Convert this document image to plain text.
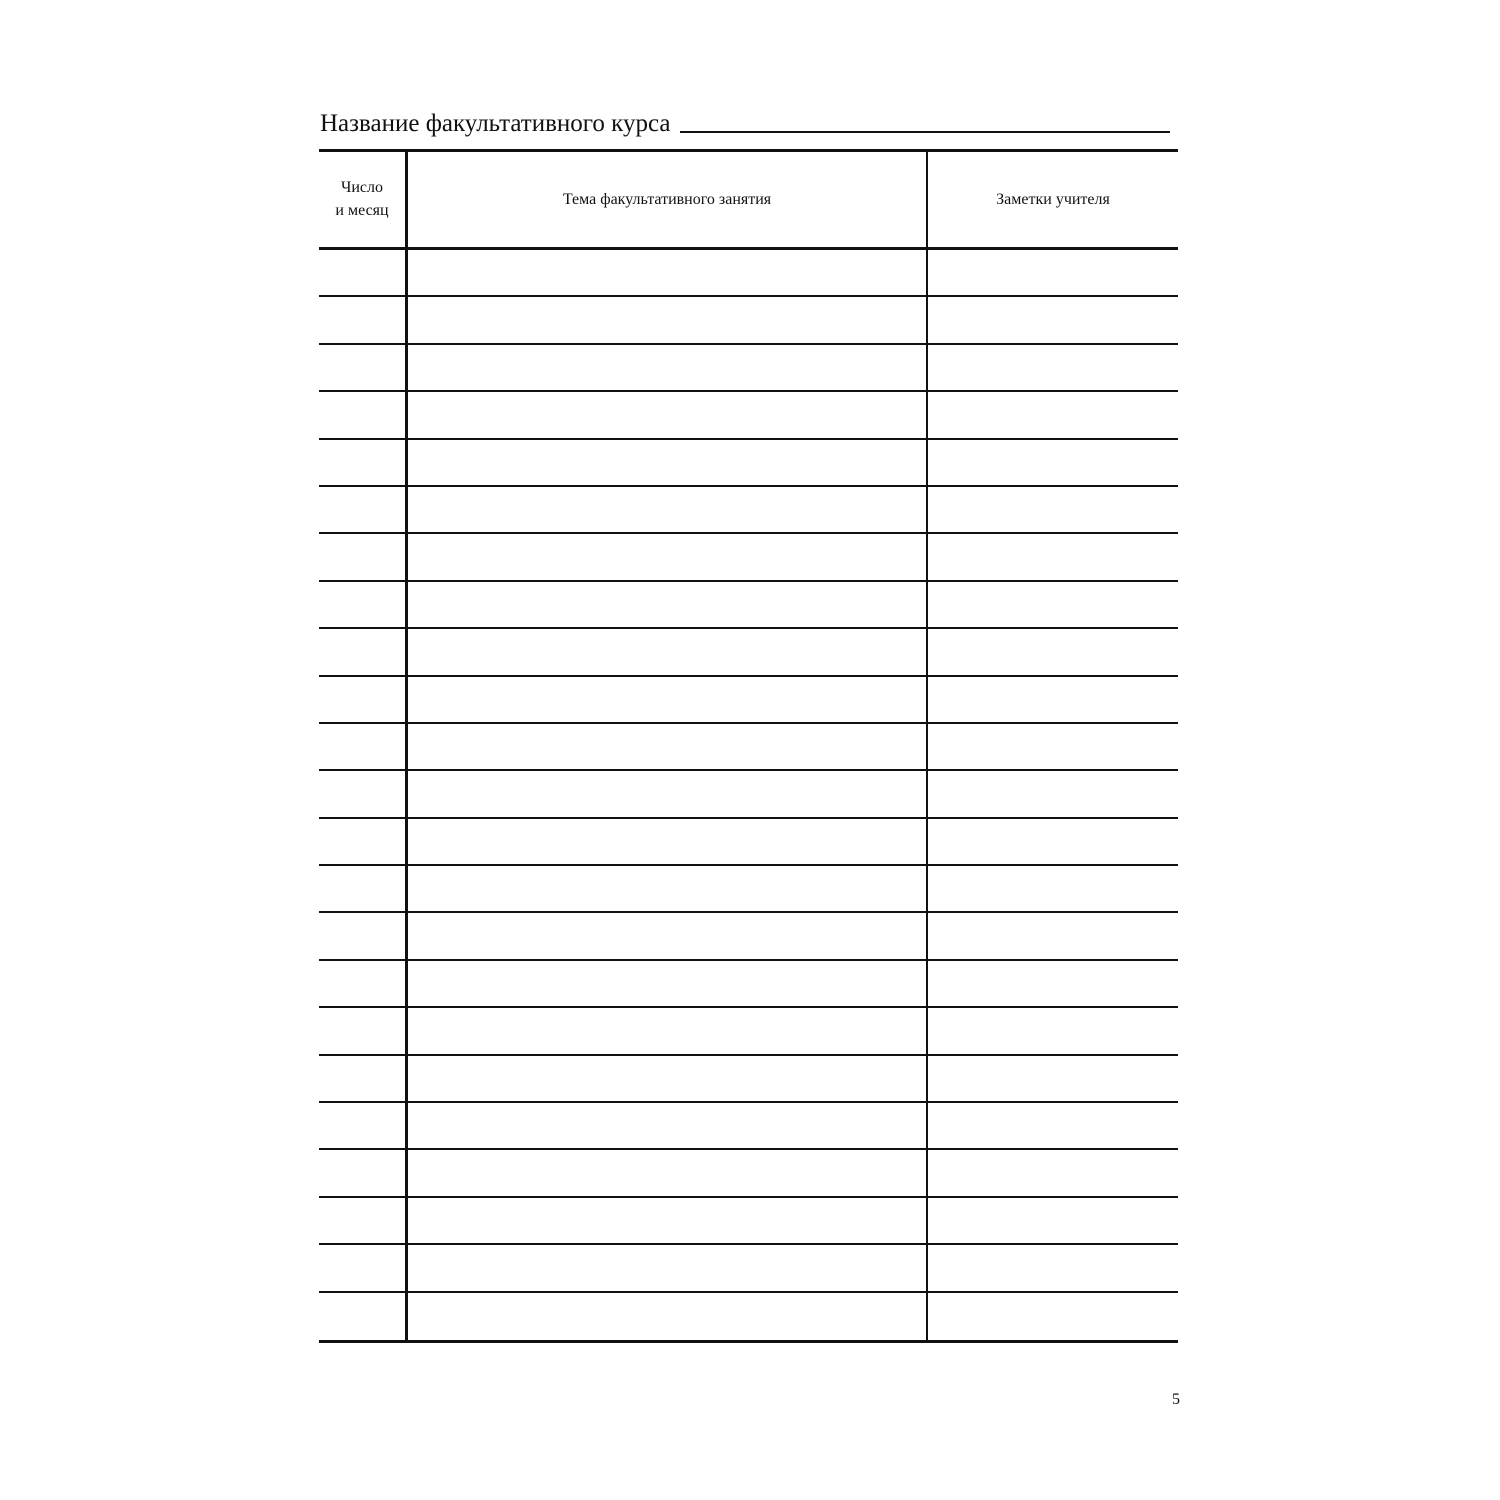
Название факультативного курса
Число
и месяц
Тема факультативного занятия	Заметки учителя
5
